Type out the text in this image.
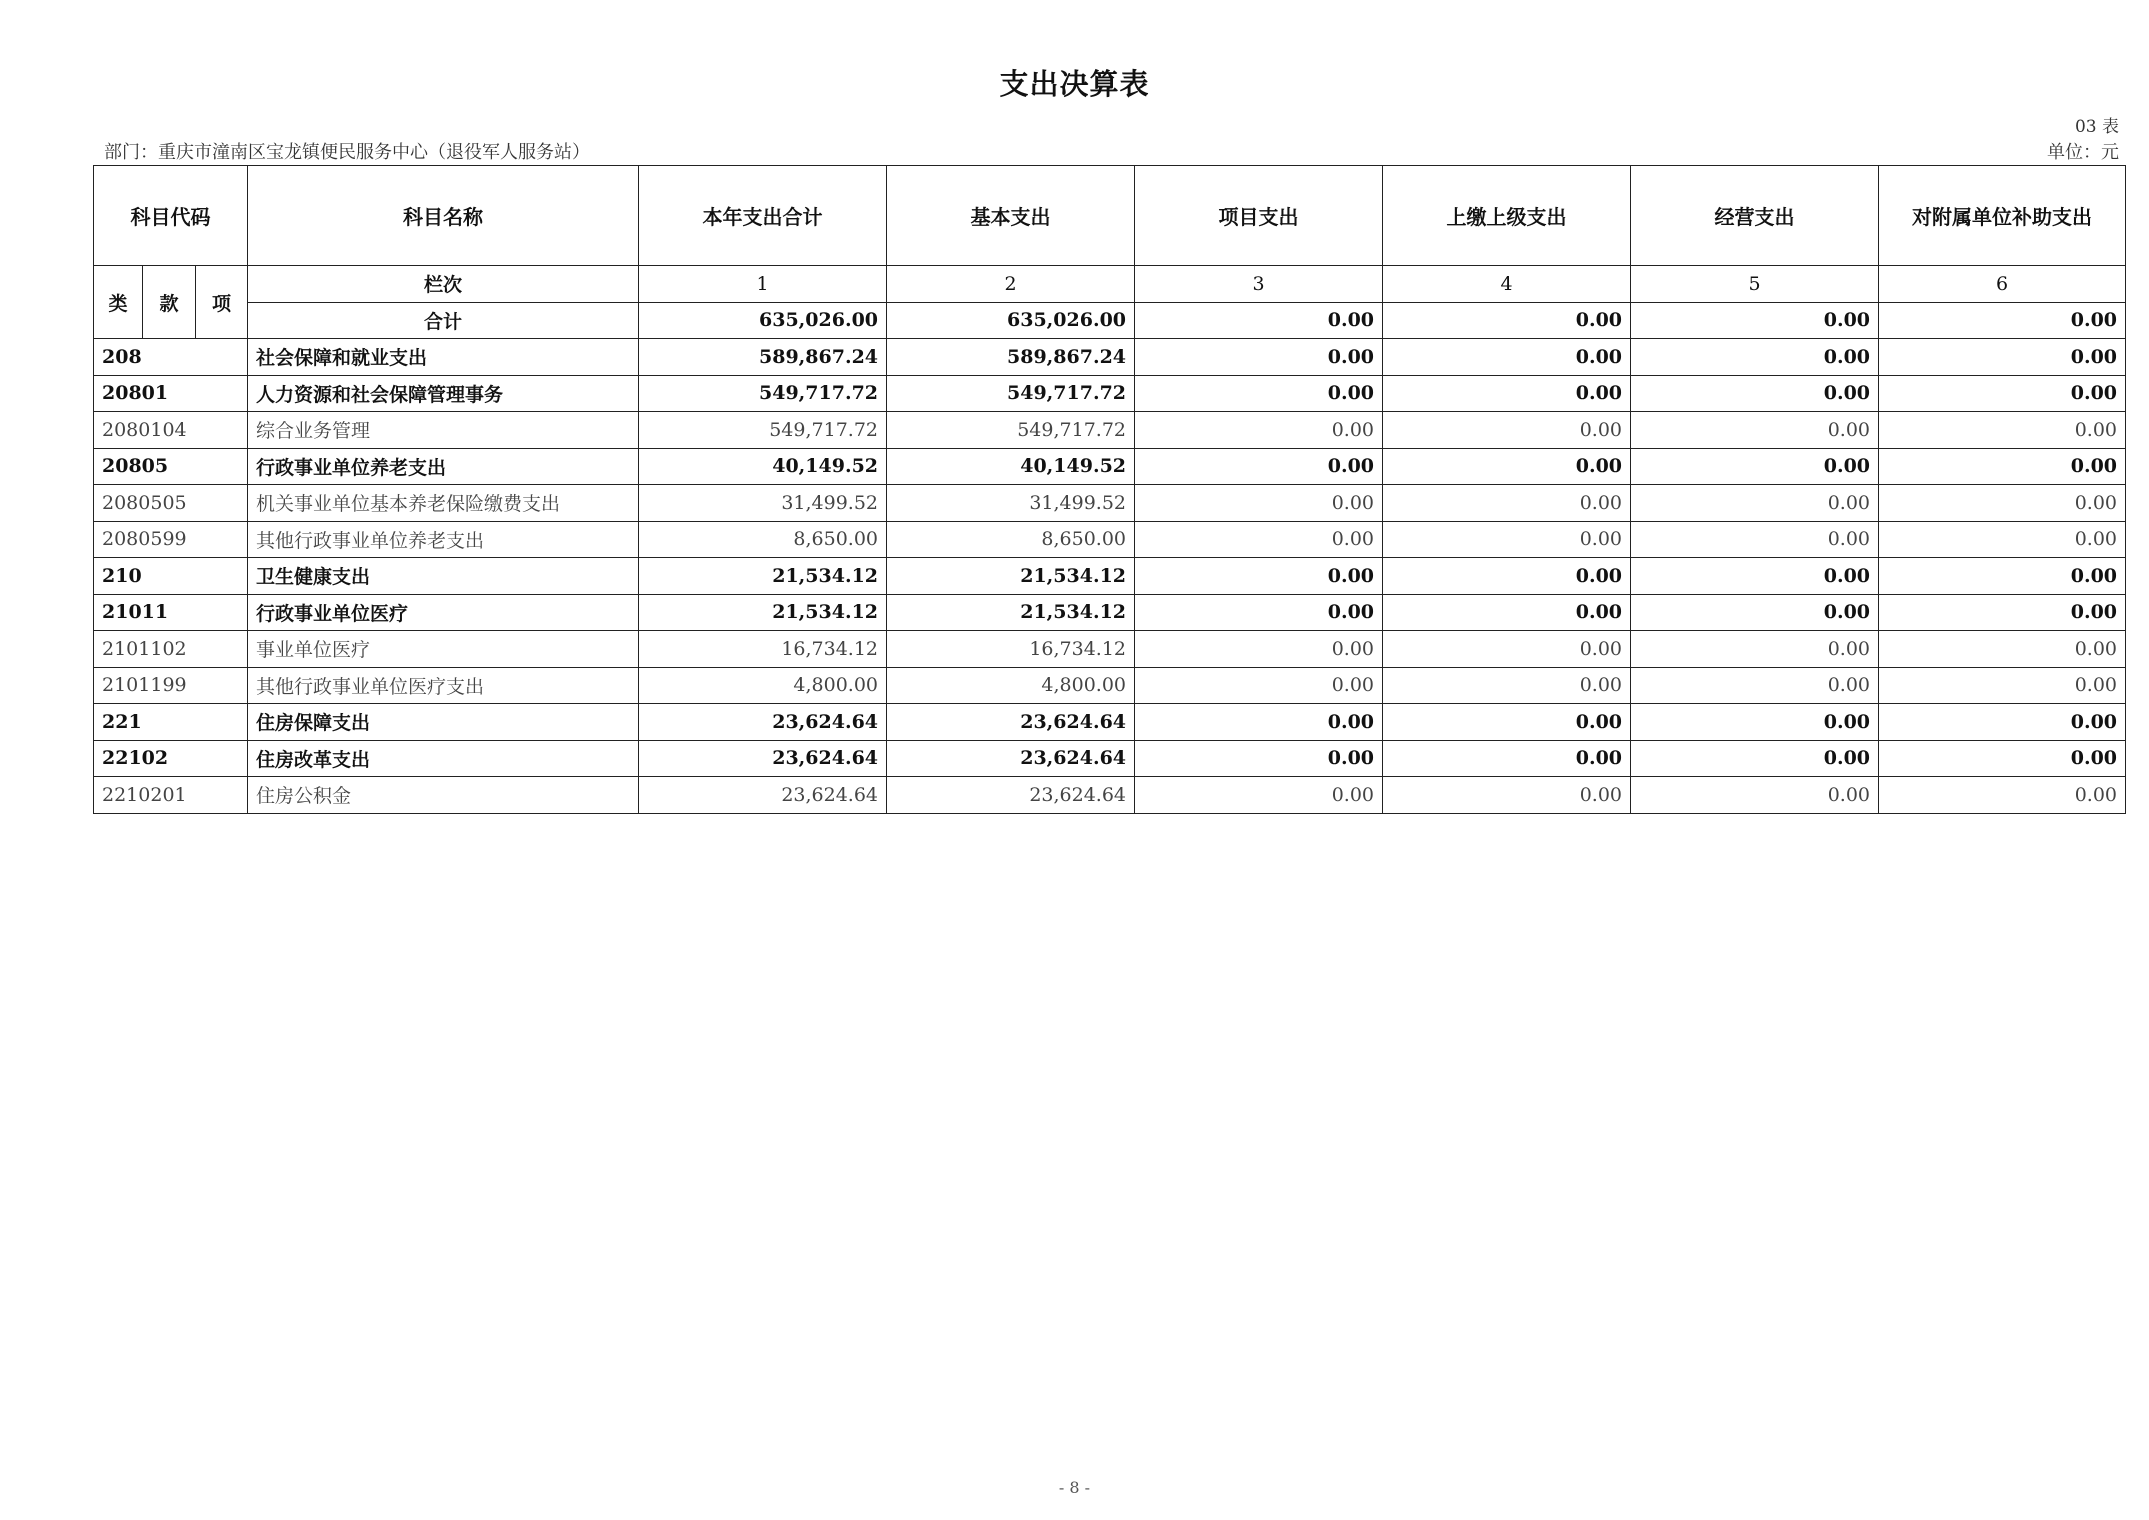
支出决算表
03 表
部门：重庆市潼南区宝龙镇便民服务中心（退役军人服务站）	单位：元
科目代码			科目名称	本年支出合计	基本支出	项目支出	上缴上级支出	经营支出	对附属单位补助支出
类	款	项	栏次	1	2	3	4	5	6
			合计	635,026.00	635,026.00	0.00	0.00	0.00	0.00
208			社会保障和就业支出	589,867.24	589,867.24	0.00	0.00	0.00	0.00
20801			人力资源和社会保障管理事务	549,717.72	549,717.72	0.00	0.00	0.00	0.00
2080104			综合业务管理	549,717.72	549,717.72	0.00	0.00	0.00	0.00
20805			行政事业单位养老支出	40,149.52	40,149.52	0.00	0.00	0.00	0.00
2080505			机关事业单位基本养老保险缴费支出	31,499.52	31,499.52	0.00	0.00	0.00	0.00
2080599			其他行政事业单位养老支出	8,650.00	8,650.00	0.00	0.00	0.00	0.00
210			卫生健康支出	21,534.12	21,534.12	0.00	0.00	0.00	0.00
21011			行政事业单位医疗	21,534.12	21,534.12	0.00	0.00	0.00	0.00
2101102			事业单位医疗	16,734.12	16,734.12	0.00	0.00	0.00	0.00
2101199			其他行政事业单位医疗支出	4,800.00	4,800.00	0.00	0.00	0.00	0.00
221			住房保障支出	23,624.64	23,624.64	0.00	0.00	0.00	0.00
22102			住房改革支出	23,624.64	23,624.64	0.00	0.00	0.00	0.00
2210201			住房公积金	23,624.64	23,624.64	0.00	0.00	0.00	0.00
- 8 -
